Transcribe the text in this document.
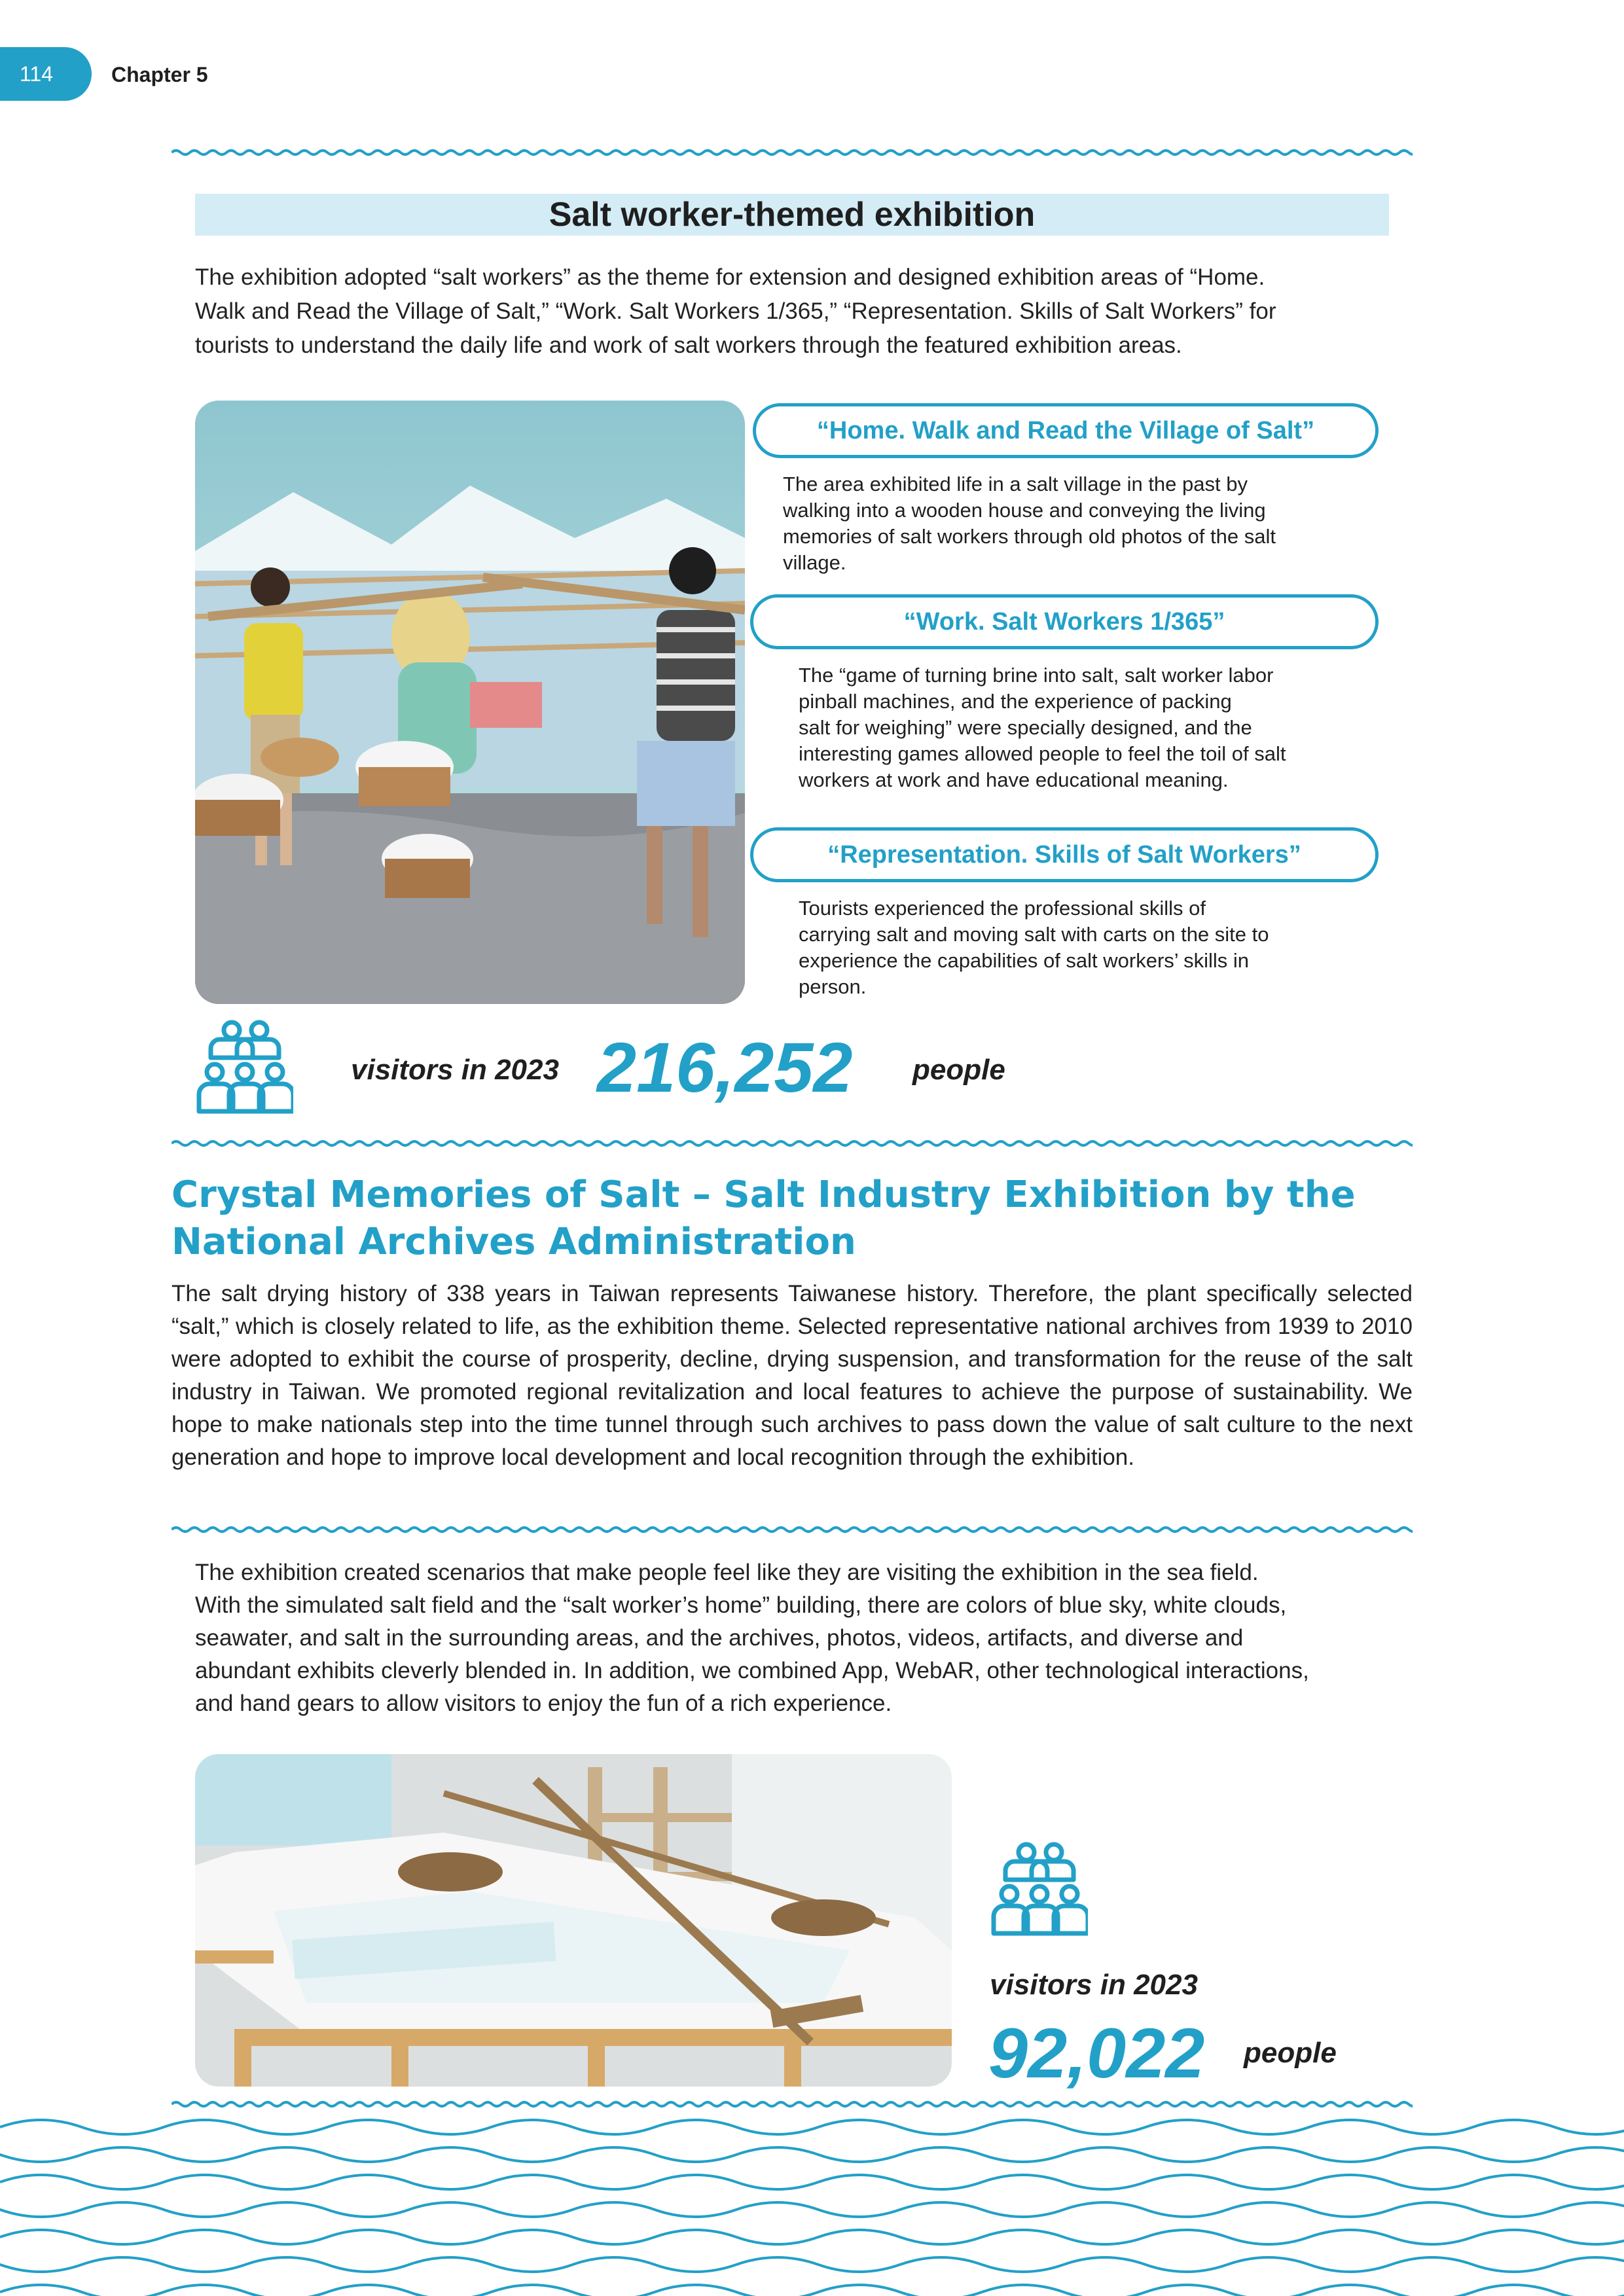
114	Chapter 5
Salt worker-themed exhibition
The exhibition adopted “salt workers” as the theme for extension and designed exhibition areas of “Home.
Walk and Read the Village of Salt,” “Work. Salt Workers 1/365,” “Representation. Skills of Salt Workers” for
tourists to understand the daily life and work of salt workers through the featured exhibition areas.
“Home. Walk and Read the Village of Salt”
The area exhibited life in a salt village in the past by
walking into a wooden house and conveying the living
memories of salt workers through old photos of the salt
village.
“Work. Salt Workers 1/365”
The “game of turning brine into salt, salt worker labor
pinball machines, and the experience of packing
salt for weighing” were specially designed, and the
interesting games allowed people to feel the toil of salt
workers at work and have educational meaning.
“Representation. Skills of Salt Workers”
Tourists experienced the professional skills of
carrying salt and moving salt with carts on the site to
experience the capabilities of salt workers’ skills in
person.
visitors in 2023 216,252 people
Crystal Memories of Salt – Salt Industry Exhibition by the
National Archives Administration
The salt drying history of 338 years in Taiwan represents Taiwanese history. Therefore, the plant specifically selected “salt,” which is closely related to life, as the exhibition theme. Selected representative national archives from 1939 to 2010 were adopted to exhibit the course of prosperity, decline, drying suspension, and transformation for the reuse of the salt industry in Taiwan. We promoted regional revitalization and local features to achieve the purpose of sustainability. We hope to make nationals step into the time tunnel through such archives to pass down the value of salt culture to the next generation and hope to improve local development and local recognition through the exhibition.
The exhibition created scenarios that make people feel like they are visiting the exhibition in the sea field.
With the simulated salt field and the “salt worker’s home” building, there are colors of blue sky, white clouds,
seawater, and salt in the surrounding areas, and the archives, photos, videos, artifacts, and diverse and
abundant exhibits cleverly blended in. In addition, we combined App, WebAR, other technological interactions,
and hand gears to allow visitors to enjoy the fun of a rich experience.
visitors in 2023
92,022 people
